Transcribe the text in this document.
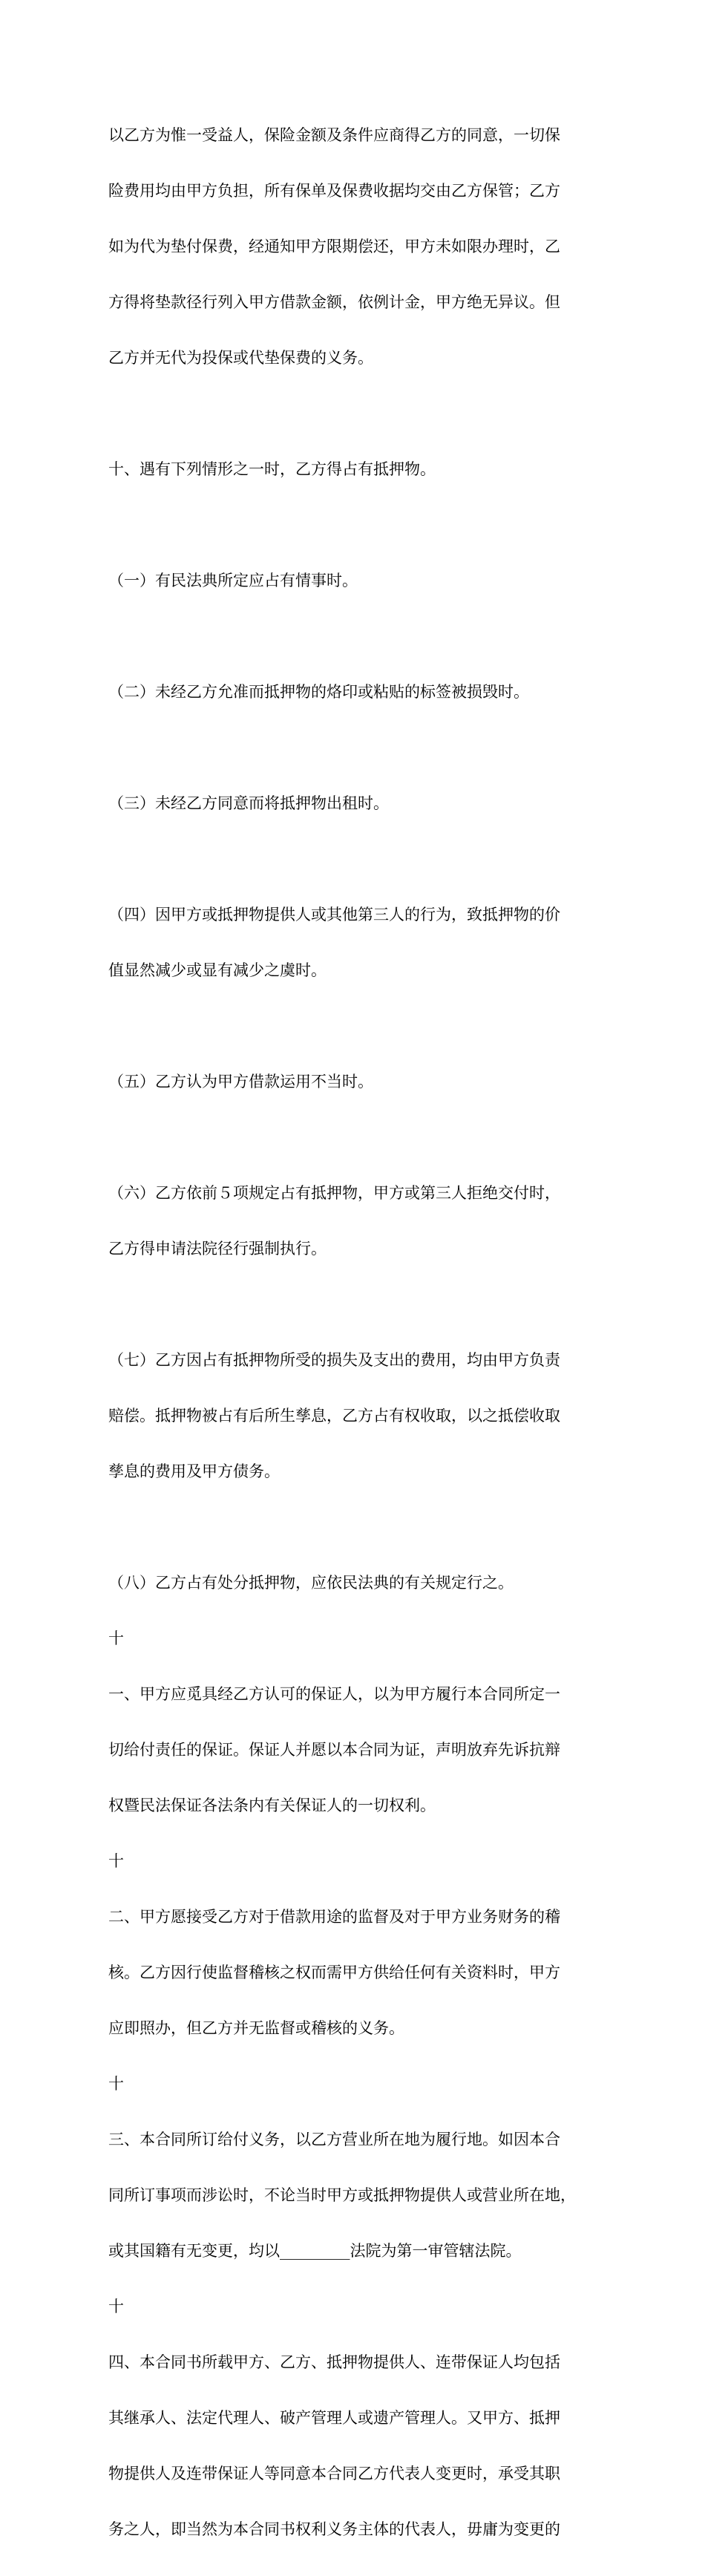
以乙方为惟一受益人，保险金额及条件应商得乙方的同意，一切保

险费用均由甲方负担，所有保单及保费收据均交由乙方保管；乙方

如为代为垫付保费，经通知甲方限期偿还，甲方未如限办理时，乙

方得将垫款径行列入甲方借款金额，依例计金，甲方绝无异议。但

乙方并无代为投保或代垫保费的义务。

十、遇有下列情形之一时，乙方得占有抵押物。

（一）有民法典所定应占有情事时。

（二）未经乙方允准而抵押物的烙印或粘贴的标签被损毁时。

（三）未经乙方同意而将抵押物出租时。

（四）因甲方或抵押物提供人或其他第三人的行为，致抵押物的价

值显然减少或显有减少之虞时。

（五）乙方认为甲方借款运用不当时。

（六）乙方依前５项规定占有抵押物，甲方或第三人拒绝交付时，

乙方得申请法院径行强制执行。

（七）乙方因占有抵押物所受的损失及支出的费用，均由甲方负责

赔偿。抵押物被占有后所生孳息，乙方占有权收取，以之抵偿收取

孳息的费用及甲方债务。

（八）乙方占有处分抵押物，应依民法典的有关规定行之。

十

一、甲方应觅具经乙方认可的保证人，以为甲方履行本合同所定一

切给付责任的保证。保证人并愿以本合同为证，声明放弃先诉抗辩

权暨民法保证各法条内有关保证人的一切权利。

十

二、甲方愿接受乙方对于借款用途的监督及对于甲方业务财务的稽

核。乙方因行使监督稽核之权而需甲方供给任何有关资料时，甲方

应即照办，但乙方并无监督或稽核的义务。

十

三、本合同所订给付义务，以乙方营业所在地为履行地。如因本合

同所订事项而涉讼时，不论当时甲方或抵押物提供人或营业所在地，

或其国籍有无变更，均以_________法院为第一审管辖法院。

十

四、本合同书所载甲方、乙方、抵押物提供人、连带保证人均包括

其继承人、法定代理人、破产管理人或遗产管理人。又甲方、抵押

物提供人及连带保证人等同意本合同乙方代表人变更时，承受其职

务之人，即当然为本合同书权利义务主体的代表人，毋庸为变更的
